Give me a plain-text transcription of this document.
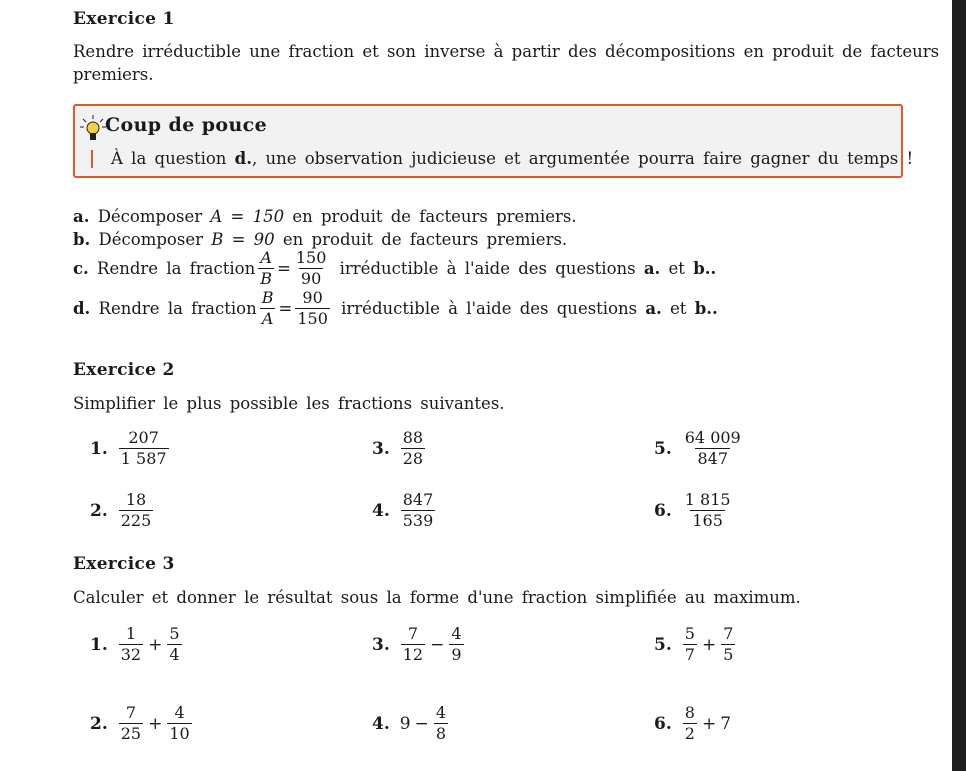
Exercice 1
Rendre irréductible une fraction et son inverse à partir des décompositions en produit de facteurs
premiers.
Coup de pouce
À la question d., une observation judicieuse et argumentée pourra faire gagner du temps !
a. Décomposer A = 150 en produit de facteurs premiers.
b. Décomposer B = 90 en produit de facteurs premiers.
c.
Rendre la fraction $\frac{A}{B} = \frac{150}{90}$
irréductible à l'aide des questions
a.
et
b..
d.
Rendre la fraction $\frac{B}{A} = \frac{90}{150}$
irréductible à l'aide des questions
a.
et
b..
Exercice 2
Simplifier le plus possible les fractions suivantes.
1. $\frac{207}{1 587}$	3. $\frac{88}{28}$	5. $\frac{64 009}{847}$
2. $\frac{18}{225}$	4. $\frac{847}{539}$	6. $\frac{1 815}{165}$
Exercice 3
Calculer et donner le résultat sous la forme d'une fraction simplifiée au maximum.
1. $\frac{1}{32} + \frac{5}{4}$	3. $\frac{7}{12} - \frac{4}{9}$	5. $\frac{5}{7} + \frac{7}{5}$
2. $\frac{7}{25} + \frac{4}{10}$	4. $9 - \frac{4}{8}$	6. $\frac{8}{2} + 7$
